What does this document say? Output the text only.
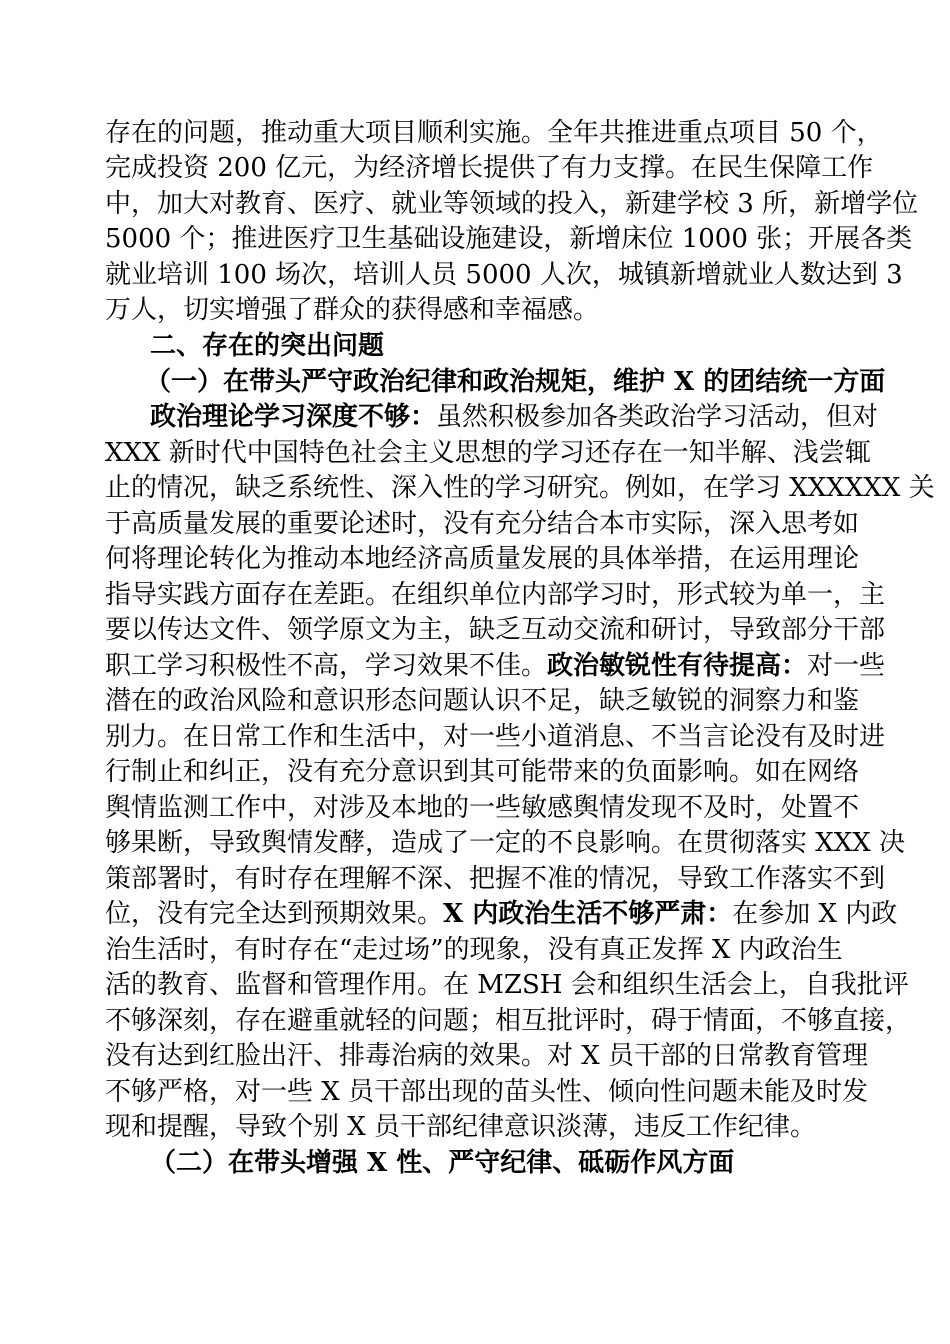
存在的问题，推动重大项目顺利实施。全年共推进重点项目 50 个，
完成投资 200 亿元，为经济增长提供了有力支撑。在民生保障工作
中，加大对教育、医疗、就业等领域的投入，新建学校 3 所，新增学位
5000 个；推进医疗卫生基础设施建设，新增床位 1000 张；开展各类
就业培训 100 场次，培训人员 5000 人次，城镇新增就业人数达到 3
万人，切实增强了群众的获得感和幸福感。
二、存在的突出问题
（一）在带头严守政治纪律和政治规矩，维护 X 的团结统一方面
政治理论学习深度不够：虽然积极参加各类政治学习活动，但对
XXX 新时代中国特色社会主义思想的学习还存在一知半解、浅尝辄
止的情况，缺乏系统性、深入性的学习研究。例如，在学习 XXXXXX 关
于高质量发展的重要论述时，没有充分结合本市实际，深入思考如
何将理论转化为推动本地经济高质量发展的具体举措，在运用理论
指导实践方面存在差距。在组织单位内部学习时，形式较为单一，主
要以传达文件、领学原文为主，缺乏互动交流和研讨，导致部分干部
职工学习积极性不高，学习效果不佳。政治敏锐性有待提高：对一些
潜在的政治风险和意识形态问题认识不足，缺乏敏锐的洞察力和鉴
别力。在日常工作和生活中，对一些小道消息、不当言论没有及时进
行制止和纠正，没有充分意识到其可能带来的负面影响。如在网络
舆情监测工作中，对涉及本地的一些敏感舆情发现不及时，处置不
够果断，导致舆情发酵，造成了一定的不良影响。在贯彻落实 XXX 决
策部署时，有时存在理解不深、把握不准的情况，导致工作落实不到
位，没有完全达到预期效果。X 内政治生活不够严肃：在参加 X 内政
治生活时，有时存在“走过场”的现象，没有真正发挥 X 内政治生
活的教育、监督和管理作用。在 MZSH 会和组织生活会上，自我批评
不够深刻，存在避重就轻的问题；相互批评时，碍于情面，不够直接，
没有达到红脸出汗、排毒治病的效果。对 X 员干部的日常教育管理
不够严格，对一些 X 员干部出现的苗头性、倾向性问题未能及时发
现和提醒，导致个别 X 员干部纪律意识淡薄，违反工作纪律。
（二）在带头增强 X 性、严守纪律、砥砺作风方面
